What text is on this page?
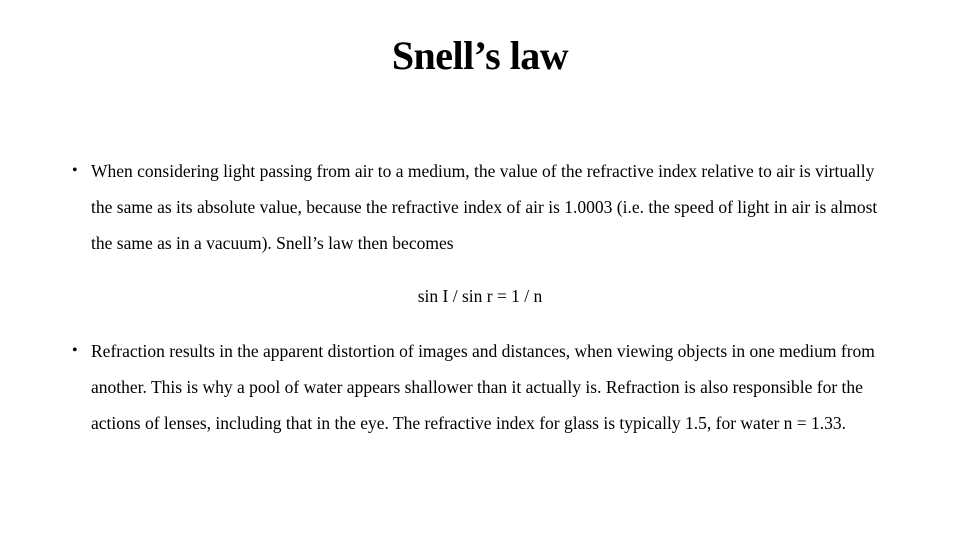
Snell’s law
• When considering light passing from air to a medium, the value of the refractive index relative to air is virtually the same as its absolute value, because the refractive index of air is 1.0003 (i.e. the speed of light in air is almost the same as in a vacuum). Snell’s law then becomes
sin I / sin r = 1 / n
• Refraction results in the apparent distortion of images and distances, when viewing objects in one medium from another. This is why a pool of water appears shallower than it actually is. Refraction is also responsible for the actions of lenses, including that in the eye. The refractive index for glass is typically 1.5, for water n = 1.33.
